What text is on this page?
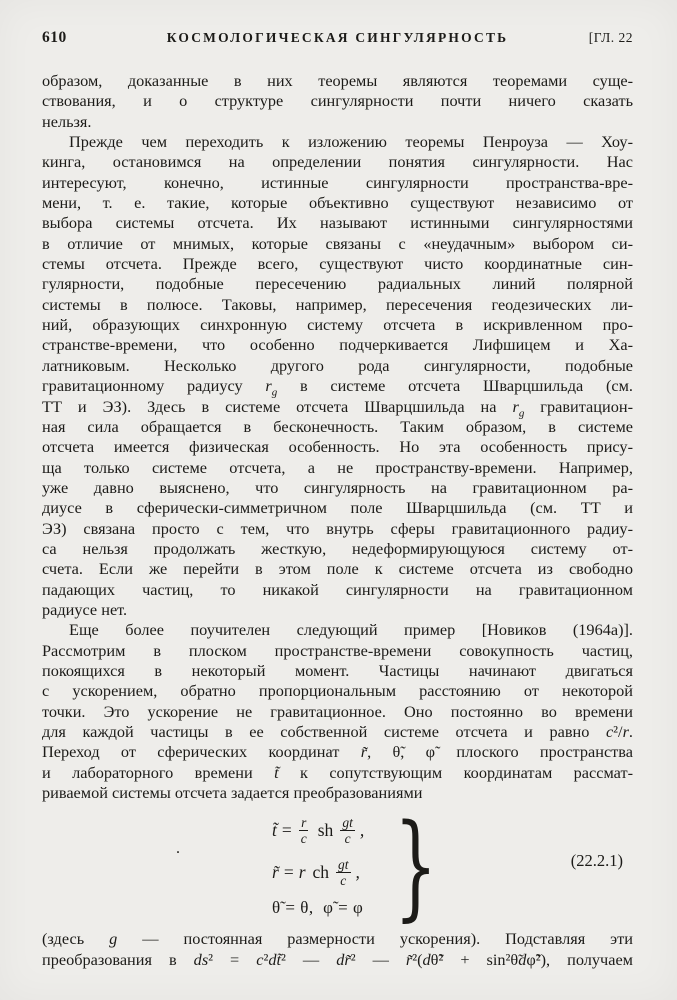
610	КОСМОЛОГИЧЕСКАЯ СИНГУЛЯРНОСТЬ	[ГЛ. 22
образом, доказанные в них теоремы являются теоремами суще-
ствования, и о структуре сингулярности почти ничего сказать
нельзя.
Прежде чем переходить к изложению теоремы Пенроуза — Хоу-
кинга, остановимся на определении понятия сингулярности. Нас
интересуют, конечно, истинные сингулярности пространства-вре-
мени, т. е. такие, которые объективно существуют независимо от
выбора системы отсчета. Их называют истинными сингулярностями
в отличие от мнимых, которые связаны с «неудачным» выбором си-
стемы отсчета. Прежде всего, существуют чисто координатные син-
гулярности, подобные пересечению радиальных линий полярной
системы в полюсе. Таковы, например, пересечения геодезических ли-
ний, образующих синхронную систему отсчета в искривленном про-
странстве-времени, что особенно подчеркивается Лифшицем и Ха-
латниковым. Несколько другого рода сингулярности, подобные
гравитационному радиусу $r_g$ в системе отсчета Шварцшильда (см.
ТТ и ЭЗ). Здесь в системе отсчета Шварцшильда на $r_g$ гравитацион-
ная сила обращается в бесконечность. Таким образом, в системе
отсчета имеется физическая особенность. Но эта особенность прису-
ща только системе отсчета, а не пространству-времени. Например,
уже давно выяснено, что сингулярность на гравитационном ра-
диусе в сферически-симметричном поле Шварцшильда (см. ТТ и
ЭЗ) связана просто с тем, что внутрь сферы гравитационного радиу-
са нельзя продолжать жесткую, недеформирующуюся систему от-
счета. Если же перейти в этом поле к системе отсчета из свободно
падающих частиц, то никакой сингулярности на гравитационном
радиусе нет.
Еще более поучителен следующий пример [Новиков (1964а)].
Рассмотрим в плоском пространстве-времени совокупность частиц,
покоящихся в некоторый момент. Частицы начинают двигаться
с ускорением, обратно пропорциональным расстоянию от некоторой
точки. Это ускорение не гравитационное. Оно постоянно во времени
для каждой частицы в ее собственной системе отсчета и равно c²/r.
Переход от сферических координат r̃, θ̃, φ̃ плоского пространства
и лабораторного времени t̃ к сопутствующим координатам рассмат-
риваемой системы отсчета задается преобразованиями
.
t̃ = $\frac{r}{c}$ sh $\frac{gt}{c}$ ,
r̃ = r ch $\frac{gt}{c}$ ,
θ̃ = θ,  φ̃ = φ }	(22.2.1)
(здесь g — постоянная размерности ускорения). Подставляя эти
преобразования в ds² = c²dt̃² — dr̃² — r̃²(dθ̃² + sin²θ̃dφ̃²), получаем
